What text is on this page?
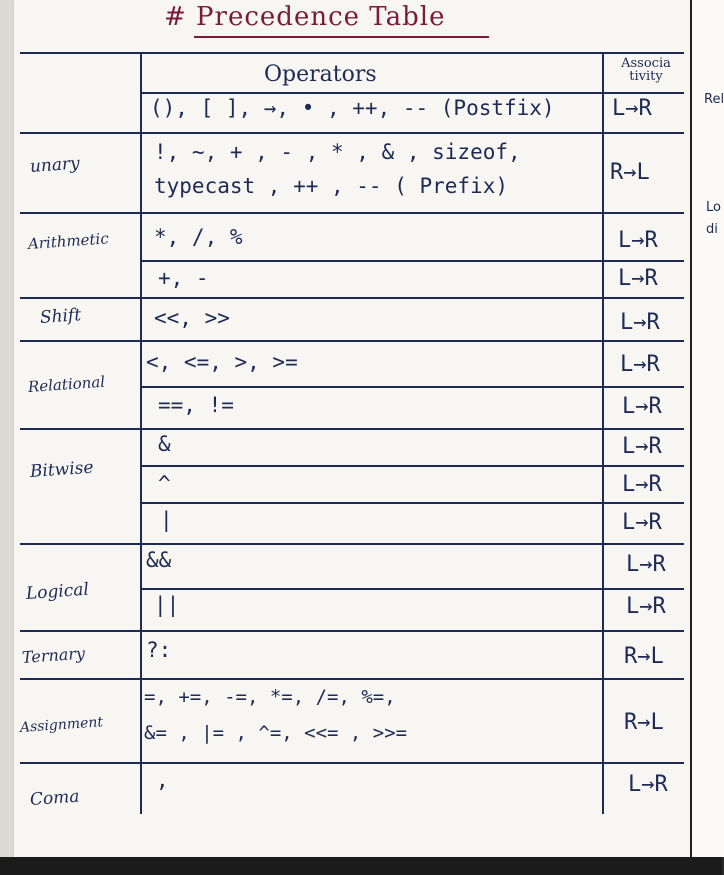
# Precedence Table
Operators	Associa
tivity
unary
Arithmetic
Shift
Relational
Bitwise
Logical
Ternary
Assignment
Coma
(), [ ], →, • , ++, -- (Postfix)
!, ~, + , - , * , & , sizeof,
typecast , ++ , -- ( Prefix)
*, /, %
+, -
<<, >>
<, <=, >, >=
==, !=
&
^
|
&&
||
?:
=, +=, -=, *=, /=, %=,
&= , |= , ^=, <<= , >>=
,
L→R
R→L
L→R
L→R
L→R
L→R
L→R
L→R
L→R
L→R
L→R
L→R
R→L
R→L
L→R
Rel
Lo
di
